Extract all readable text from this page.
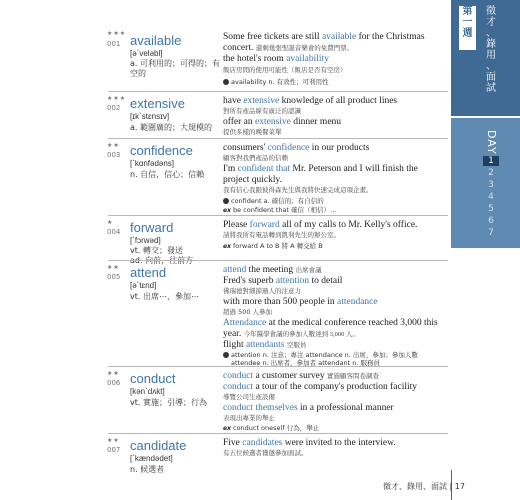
第
一
週
徵
才
、
錄
用
、
面
試
DAY
1
2
3
4
5
6
7
★★★
001 available
[əˋveləbl]
a. 可利用的；可得的；有空的
Some free tickets are still available for the Christmas concert. 還剩幾張聖誕音樂會的免費門票。
the hotel's room availability
飯店房間的使用可能性（飯店是否有空房）
availability n. 有效性；可利用性
★★★
002 extensive
[ɪkˋstɛnsɪv]
a. 範圍廣的；大規模的
have extensive knowledge of all product lines
對所有產品線有廣泛的認識
offer an extensive dinner menu
提供多樣的晚餐菜單
★★
003 confidence
[ˋkɑnfədəns]
n. 自信，信心；信賴
consumers' confidence in our products
顧客對我們產品的信賴
I'm confident that Mr. Peterson and I will finish the project quickly.
我有信心我跟彼得森先生與我將快速完成這項企畫。
confident a. 確信的；有自信的
ex be confident that 確信（相信）…
★
004 forward
[ˋfɔrwəd]
vt. 轉交；發送
ad. 向前，往前方
Please forward all of my calls to Mr. Kelly's office.
請將我所有電話轉到凱利先生的辦公室。
ex forward A to B 將 A 轉交給 B
★★
005 attend
[əˋtɛnd]
vt. 出席⋯，參加⋯
attend the meeting 出席會議
Fred's superb attention to detail
佛瑞德對細節過人的注意力
with more than 500 people in attendance
超過 500 人參加
Attendance at the medical conference reached 3,000 this year. 今年醫學會議的參加人數達到 3,000 人。
flight attendants 空服員
attention n. 注意；專注 attendance n. 出席，參加；參加人數
attendee n. 出席者，參加者 attendant n. 服務員
★★
006 conduct
[kənˋdʌkt]
vt. 實施；引導；行為
conduct a customer survey 實施顧客問卷調查
conduct a tour of the company's production facility
導覽公司生產設備
conduct themselves in a professional manner
表現出專業的舉止
ex conduct oneself 行為，舉止
★★
007 candidate
[ˋkændədet]
n. 候選者
Five candidates were invited to the interview.
有五位候選者獲邀參加面試。
徵才、錄用、面試 | 17
